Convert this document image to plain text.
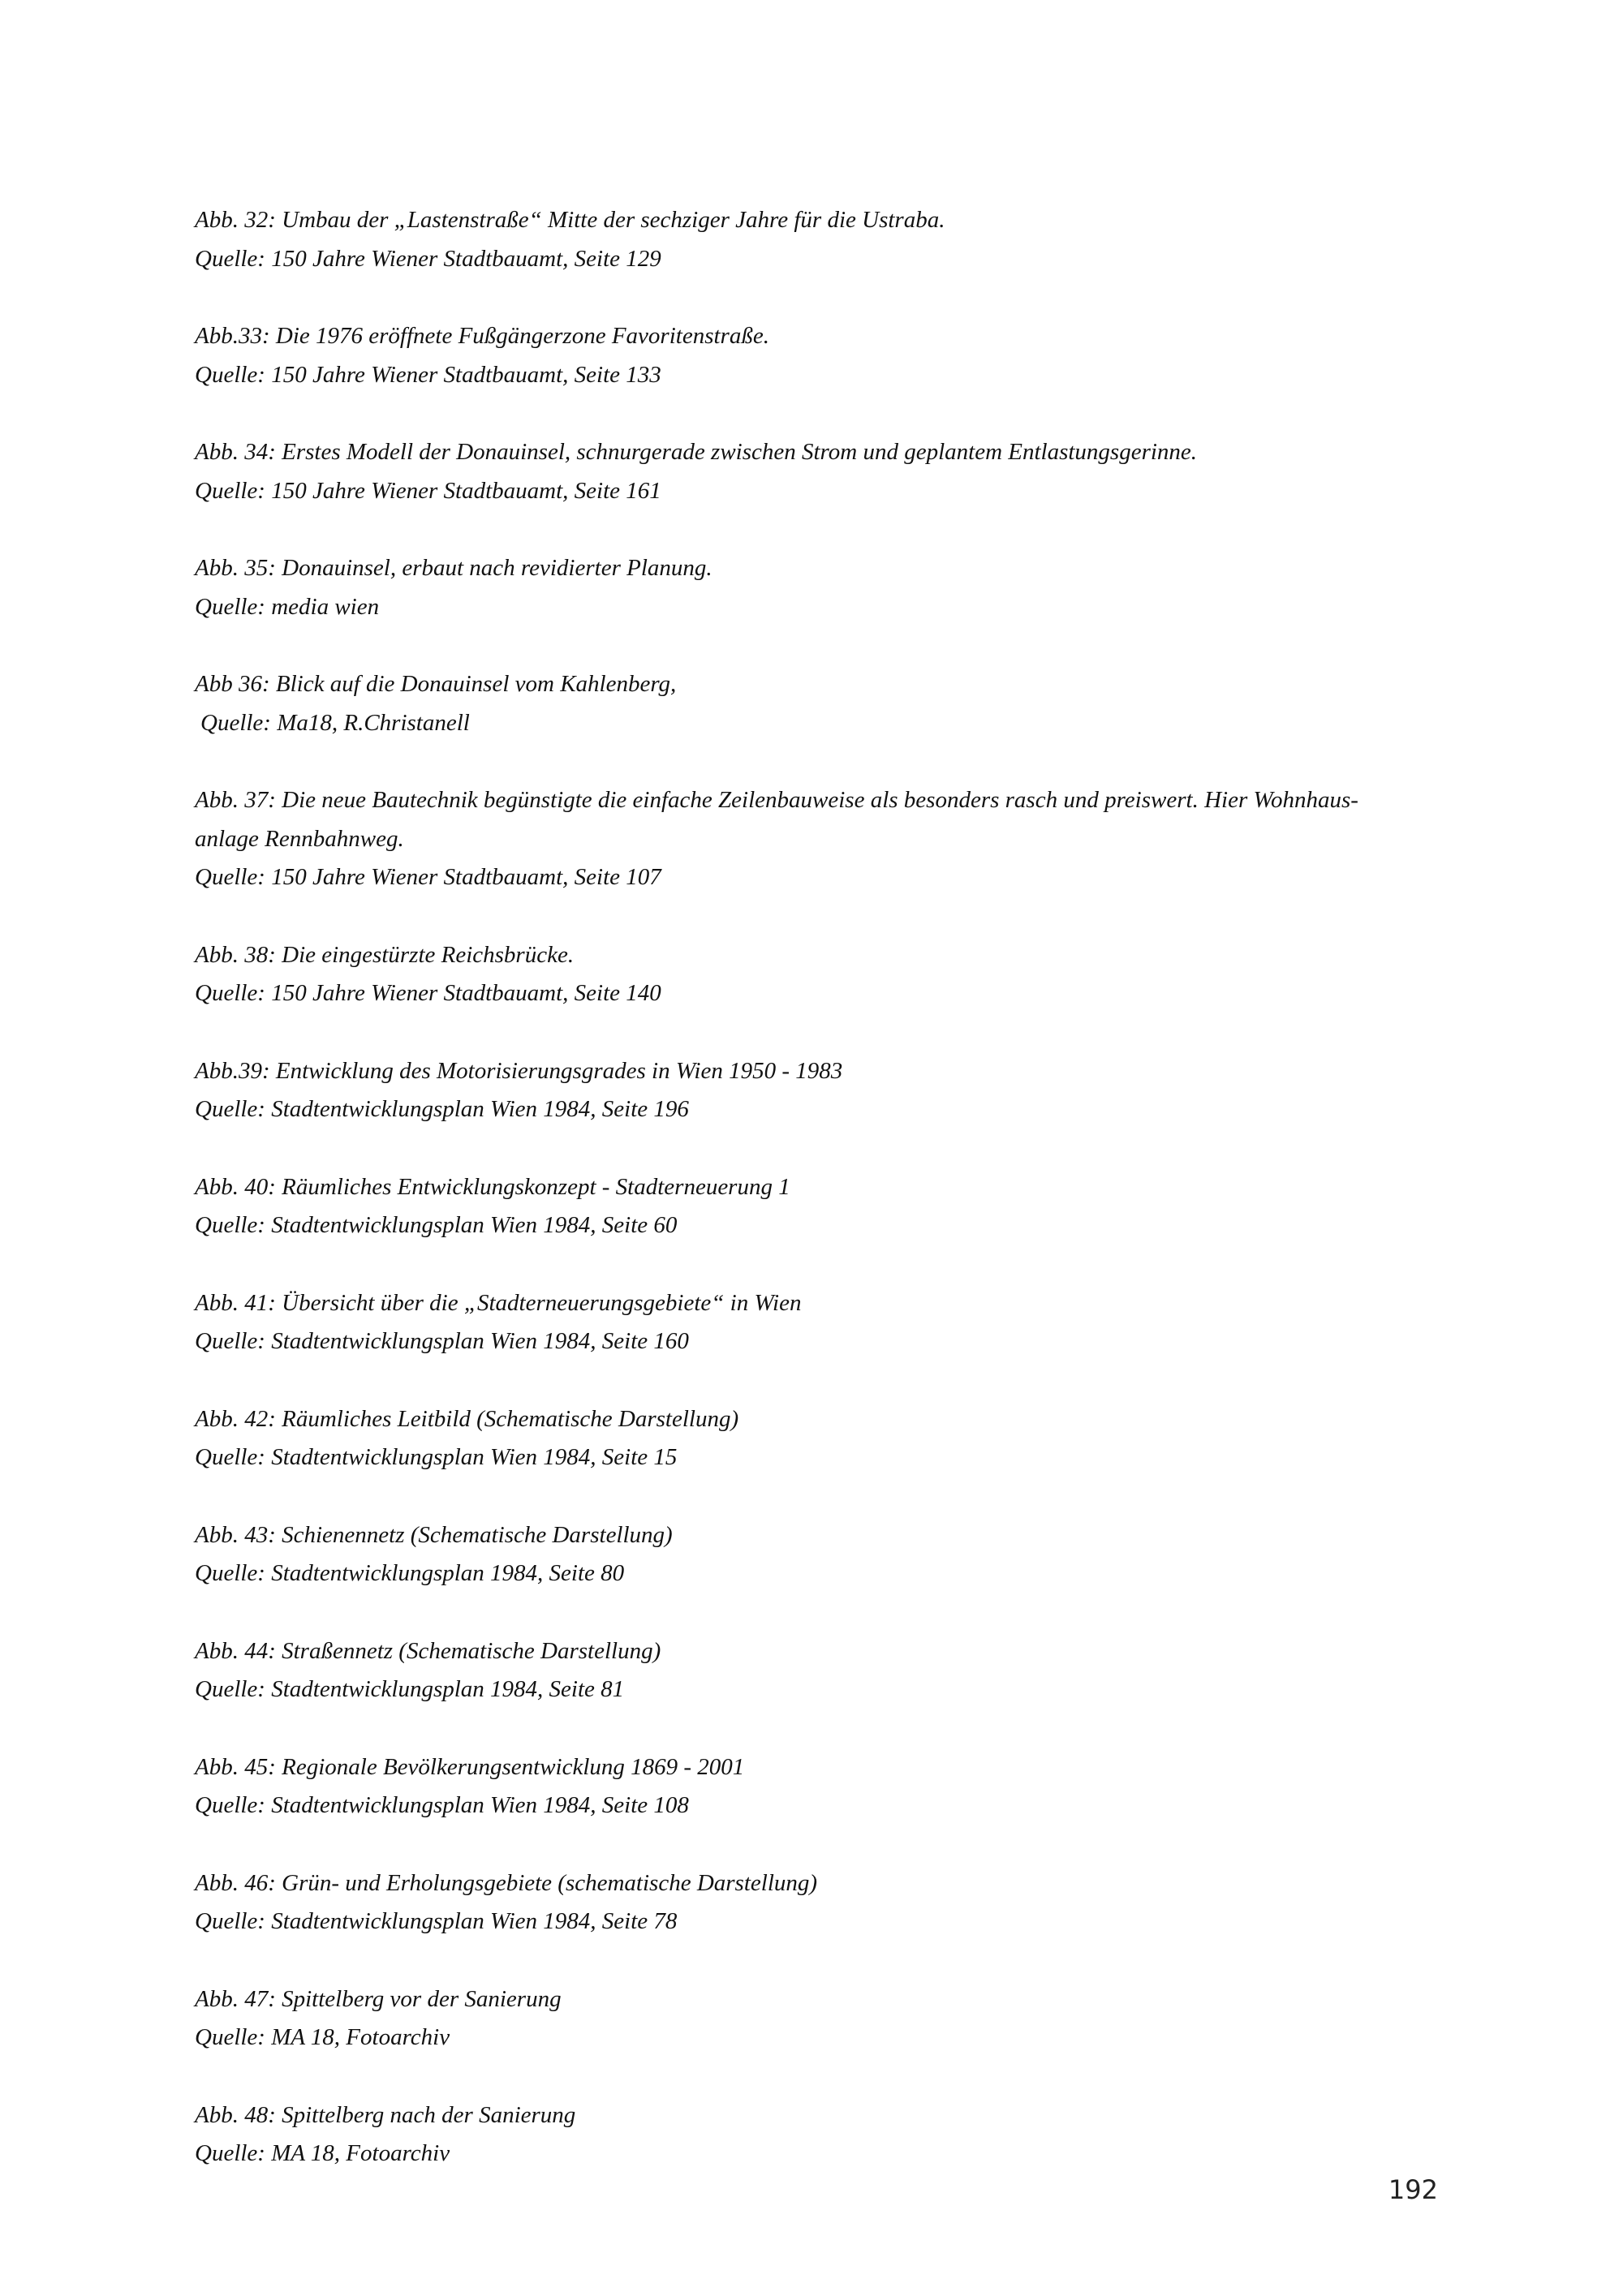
Abb. 32: Umbau der „Lastenstraße“ Mitte der sechziger Jahre für die Ustraba.
Quelle: 150 Jahre Wiener Stadtbauamt, Seite 129
Abb.33: Die 1976 eröffnete Fußgängerzone Favoritenstraße.
Quelle: 150 Jahre Wiener Stadtbauamt, Seite 133
Abb. 34: Erstes Modell der Donauinsel, schnurgerade zwischen Strom und geplantem Entlastungsgerinne.
Quelle: 150 Jahre Wiener Stadtbauamt, Seite 161
Abb. 35: Donauinsel, erbaut nach revidierter Planung.
Quelle: media wien
Abb 36: Blick auf die Donauinsel vom Kahlenberg,
Quelle: Ma18, R.Christanell
Abb. 37: Die neue Bautechnik begünstigte die einfache Zeilenbauweise als besonders rasch und preiswert. Hier Wohnhaus-
anlage Rennbahnweg.
Quelle: 150 Jahre Wiener Stadtbauamt, Seite 107
Abb. 38: Die eingestürzte Reichsbrücke.
Quelle: 150 Jahre Wiener Stadtbauamt, Seite 140
Abb.39: Entwicklung des Motorisierungsgrades in Wien 1950 - 1983
Quelle: Stadtentwicklungsplan Wien 1984, Seite 196
Abb. 40: Räumliches Entwicklungskonzept - Stadterneuerung 1
Quelle: Stadtentwicklungsplan Wien 1984, Seite 60
Abb. 41: Übersicht über die „Stadterneuerungsgebiete“ in Wien
Quelle: Stadtentwicklungsplan Wien 1984, Seite 160
Abb. 42: Räumliches Leitbild (Schematische Darstellung)
Quelle: Stadtentwicklungsplan Wien 1984, Seite 15
Abb. 43: Schienennetz (Schematische Darstellung)
Quelle: Stadtentwicklungsplan 1984, Seite 80
Abb. 44: Straßennetz (Schematische Darstellung)
Quelle: Stadtentwicklungsplan 1984, Seite 81
Abb. 45: Regionale Bevölkerungsentwicklung 1869 - 2001
Quelle: Stadtentwicklungsplan Wien 1984, Seite 108
Abb. 46: Grün- und Erholungsgebiete (schematische Darstellung)
Quelle: Stadtentwicklungsplan Wien 1984, Seite 78
Abb. 47: Spittelberg vor der Sanierung
Quelle: MA 18, Fotoarchiv
Abb. 48: Spittelberg nach der Sanierung
Quelle: MA 18, Fotoarchiv
192
